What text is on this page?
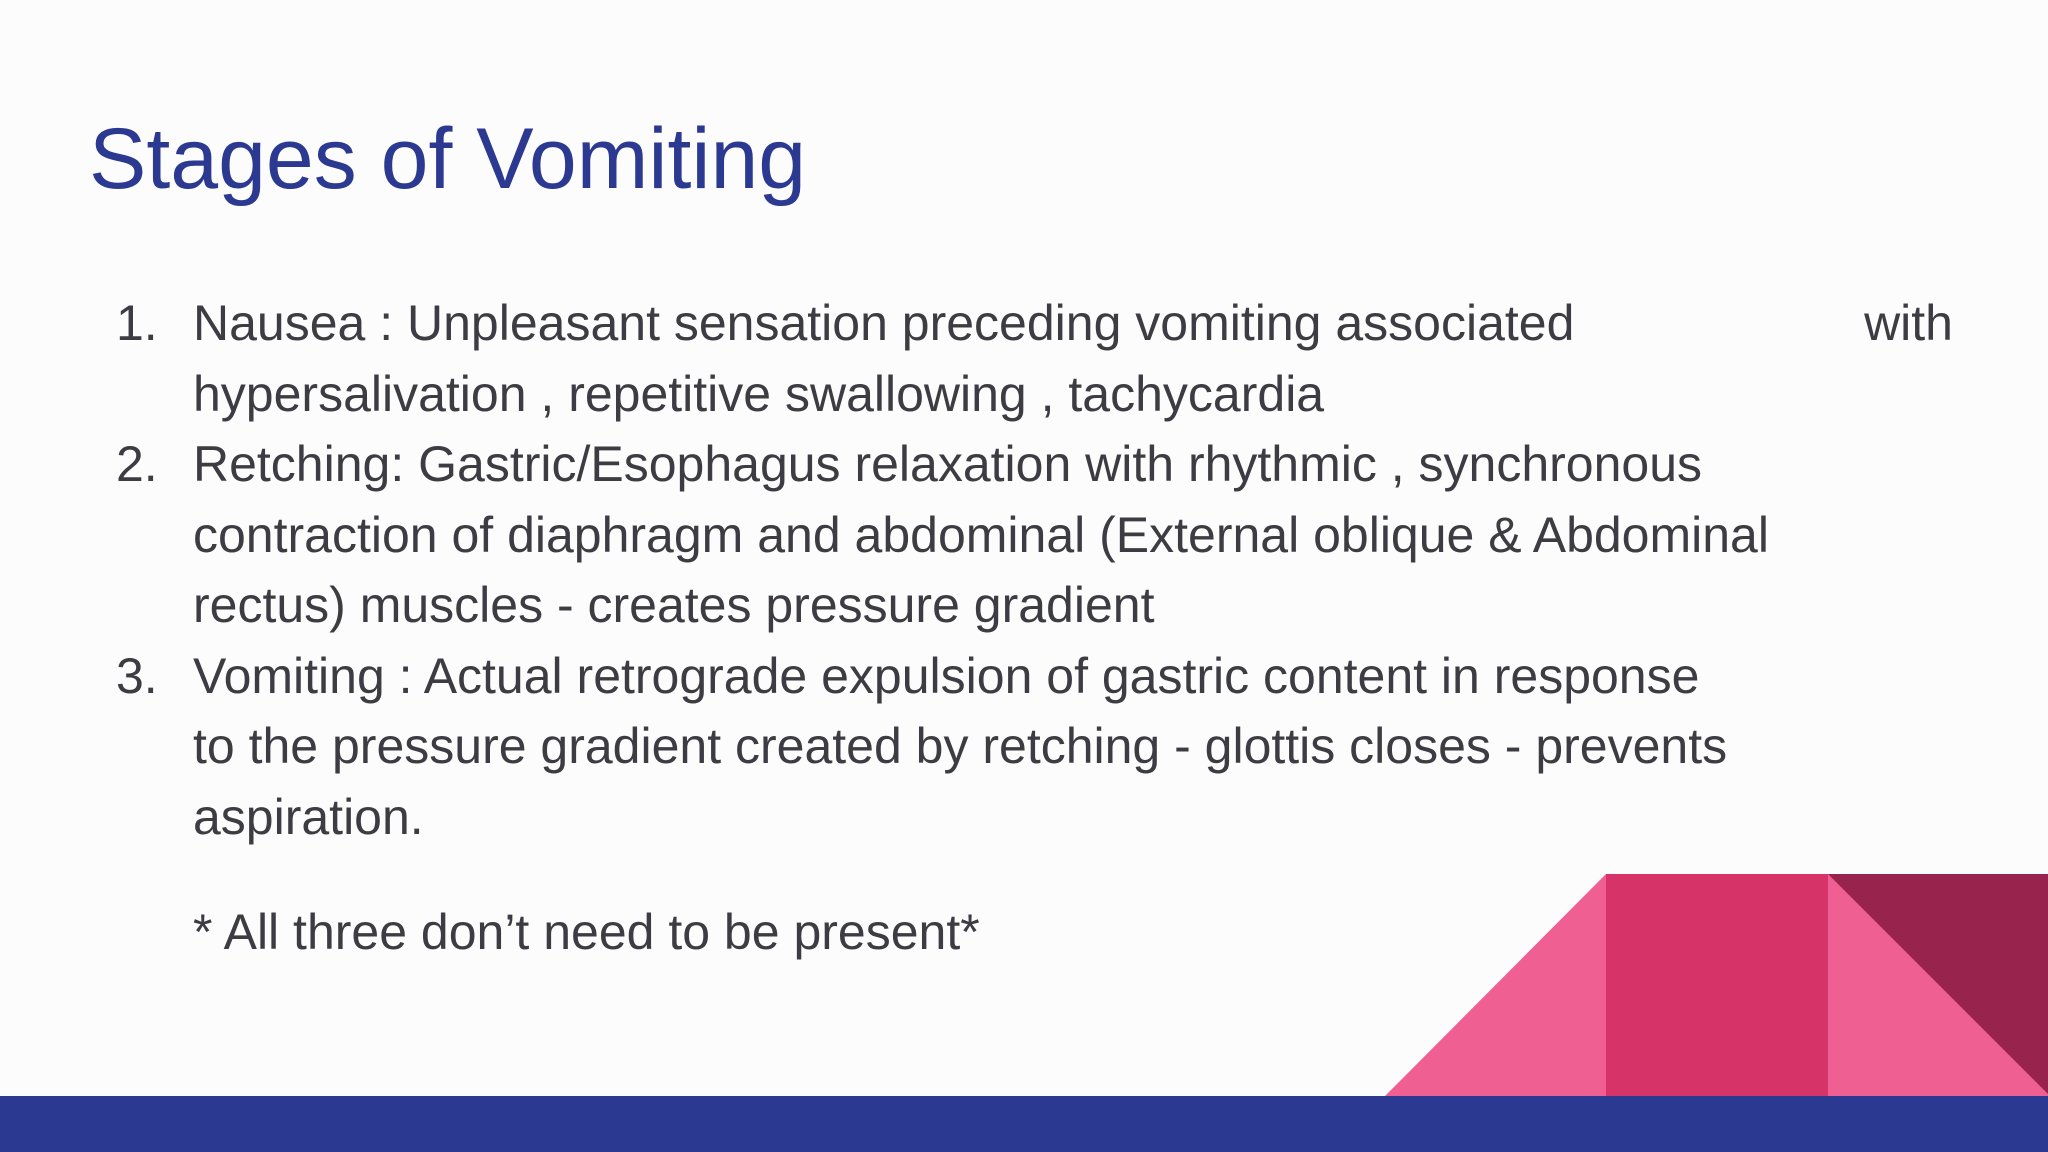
Stages of Vomiting
1. Nausea : Unpleasant sensation preceding vomiting associated	with
hypersalivation , repetitive swallowing , tachycardia
2. Retching: Gastric/Esophagus relaxation with rhythmic , synchronous
contraction of diaphragm and abdominal (External oblique & Abdominal
rectus) muscles - creates pressure gradient
3. Vomiting : Actual retrograde expulsion of gastric content in response
to the pressure gradient created by retching - glottis closes - prevents
aspiration.

* All three don’t need to be present*
